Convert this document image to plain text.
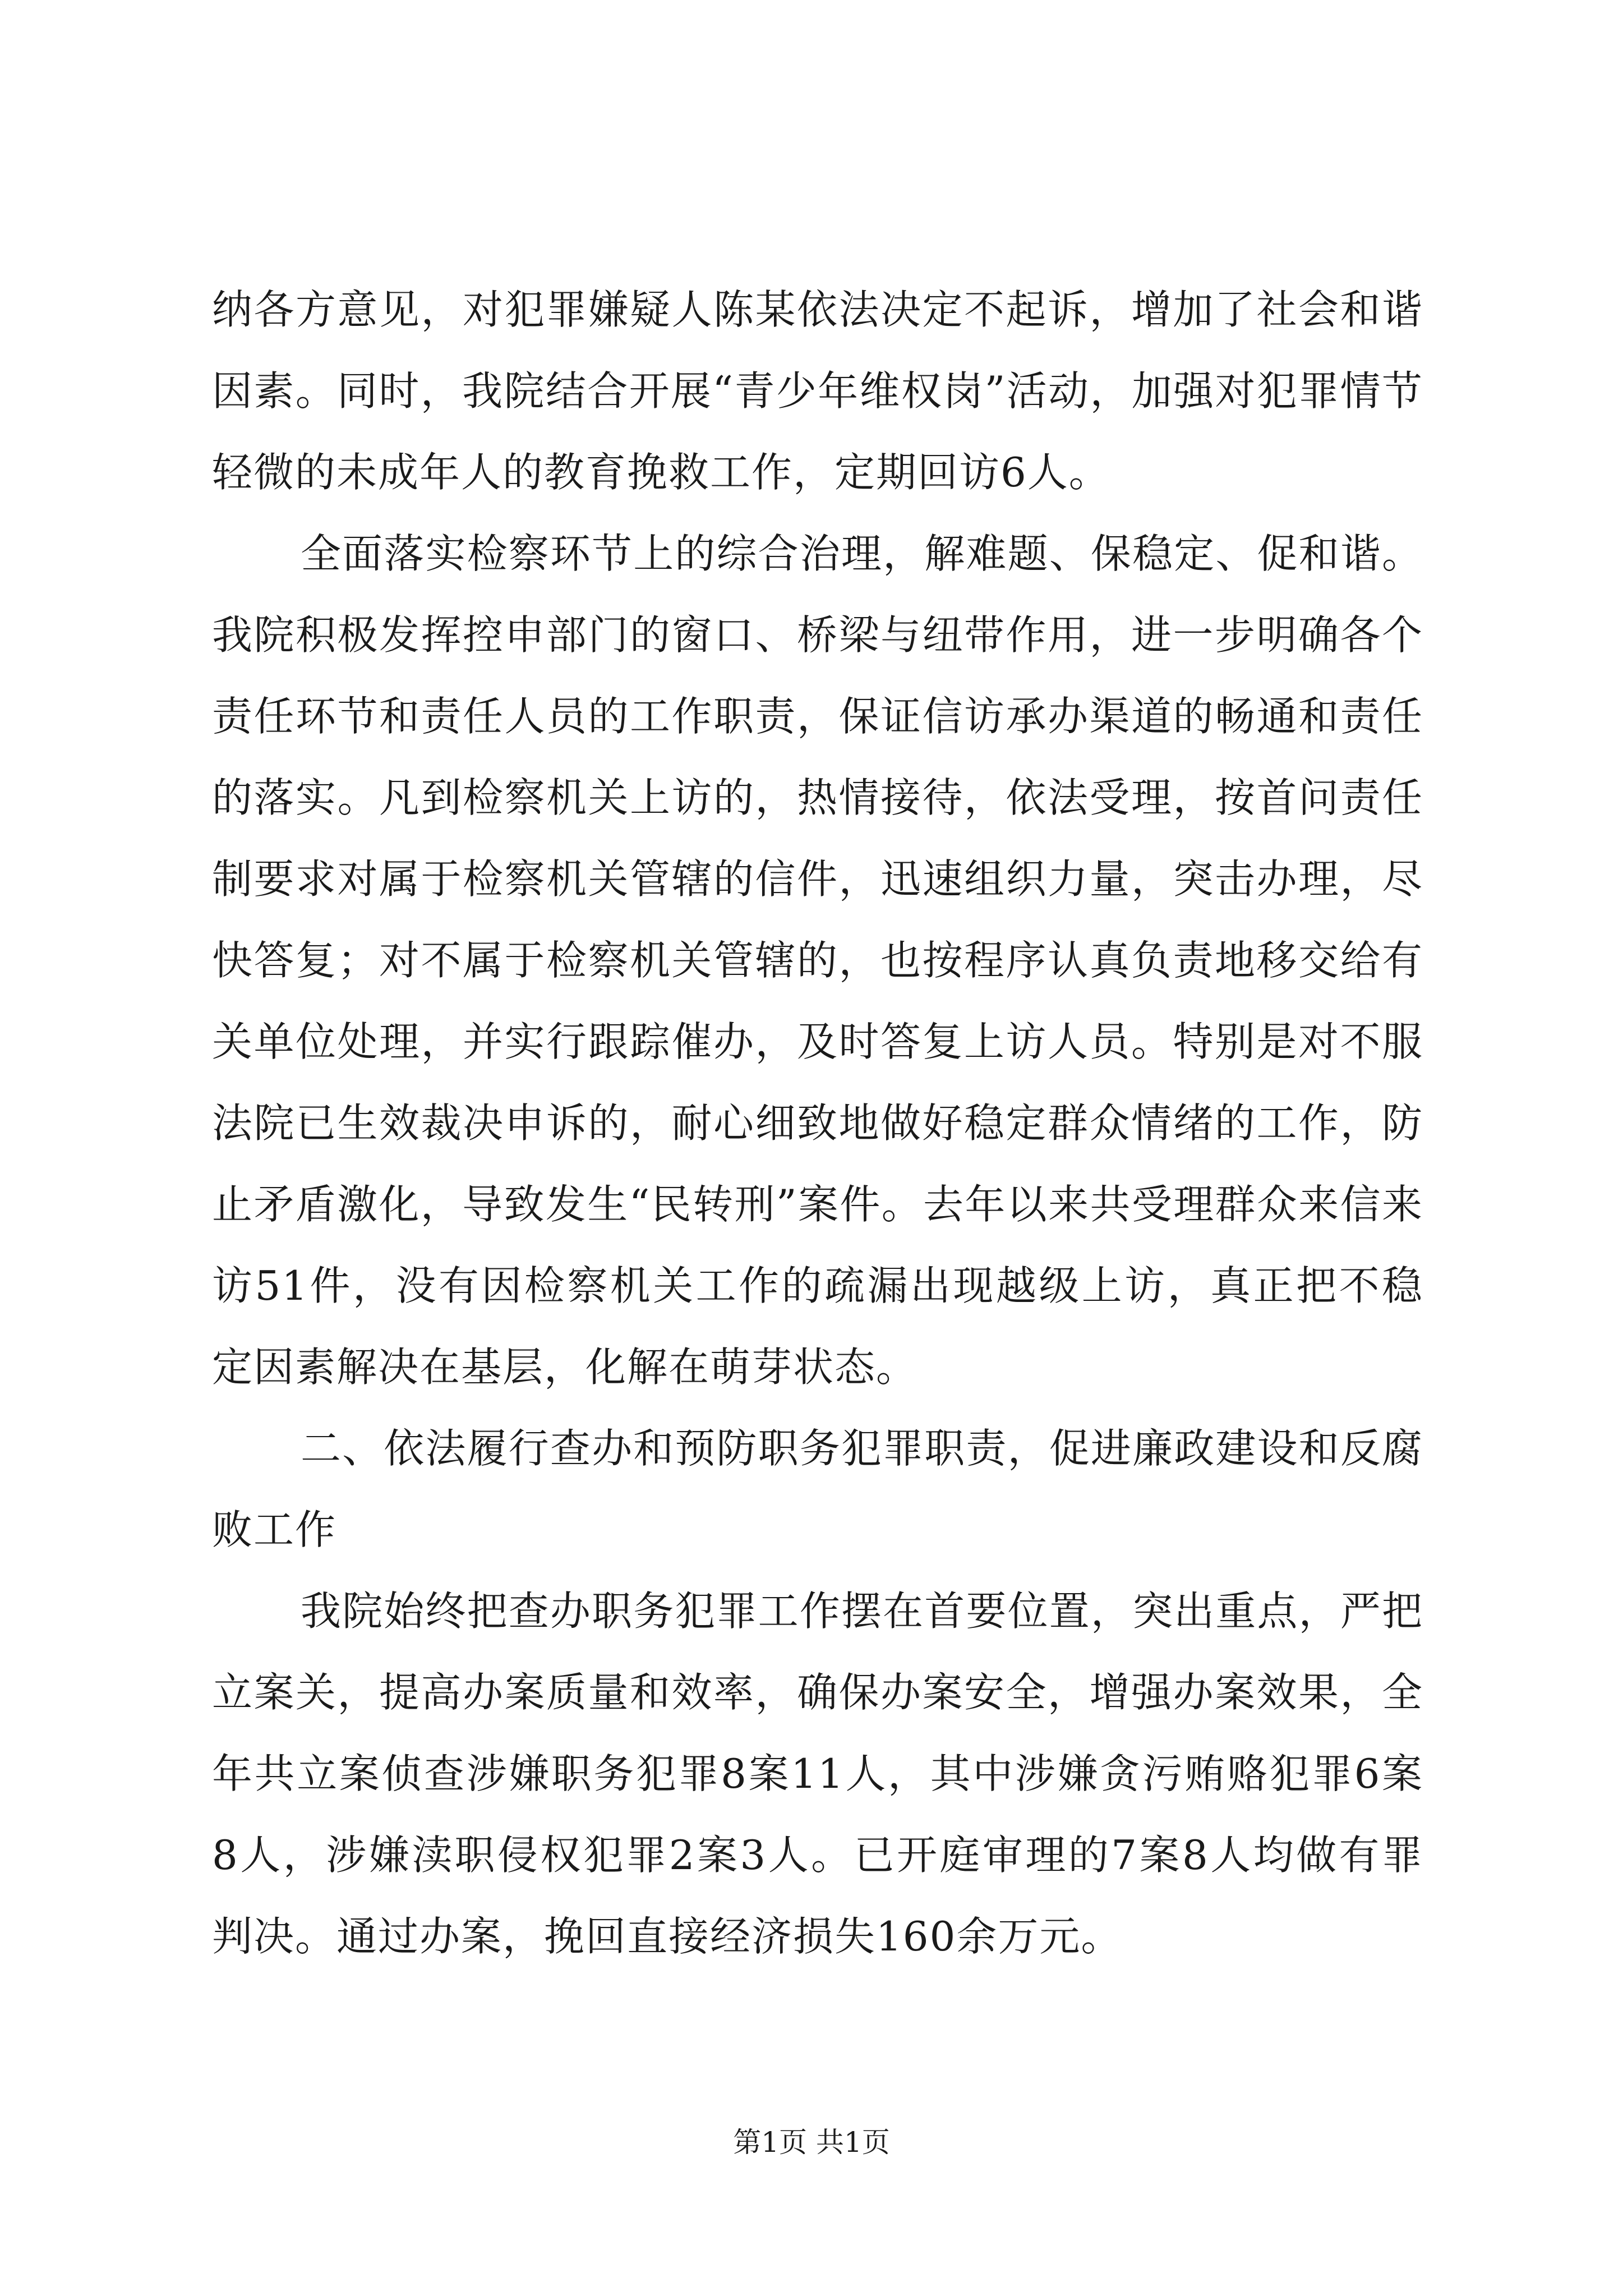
纳各方意见，对犯罪嫌疑人陈某依法决定不起诉，增加了社会和谐因素。同时，我院结合开展“青少年维权岗”活动，加强对犯罪情节轻微的未成年人的教育挽救工作，定期回访6人。

全面落实检察环节上的综合治理，解难题、保稳定、促和谐。我院积极发挥控申部门的窗口、桥梁与纽带作用，进一步明确各个责任环节和责任人员的工作职责，保证信访承办渠道的畅通和责任的落实。凡到检察机关上访的，热情接待，依法受理，按首问责任制要求对属于检察机关管辖的信件，迅速组织力量，突击办理，尽快答复；对不属于检察机关管辖的，也按程序认真负责地移交给有关单位处理，并实行跟踪催办，及时答复上访人员。特别是对不服法院已生效裁决申诉的，耐心细致地做好稳定群众情绪的工作，防止矛盾激化，导致发生“民转刑”案件。去年以来共受理群众来信来访51件，没有因检察机关工作的疏漏出现越级上访，真正把不稳定因素解决在基层，化解在萌芽状态。

二、依法履行查办和预防职务犯罪职责，促进廉政建设和反腐败工作

我院始终把查办职务犯罪工作摆在首要位置，突出重点，严把立案关，提高办案质量和效率，确保办案安全，增强办案效果，全年共立案侦查涉嫌职务犯罪8案11人，其中涉嫌贪污贿赂犯罪6案8人，涉嫌渎职侵权犯罪2案3人。已开庭审理的7案8人均做有罪判决。通过办案，挽回直接经济损失160余万元。

第1页 共1页
